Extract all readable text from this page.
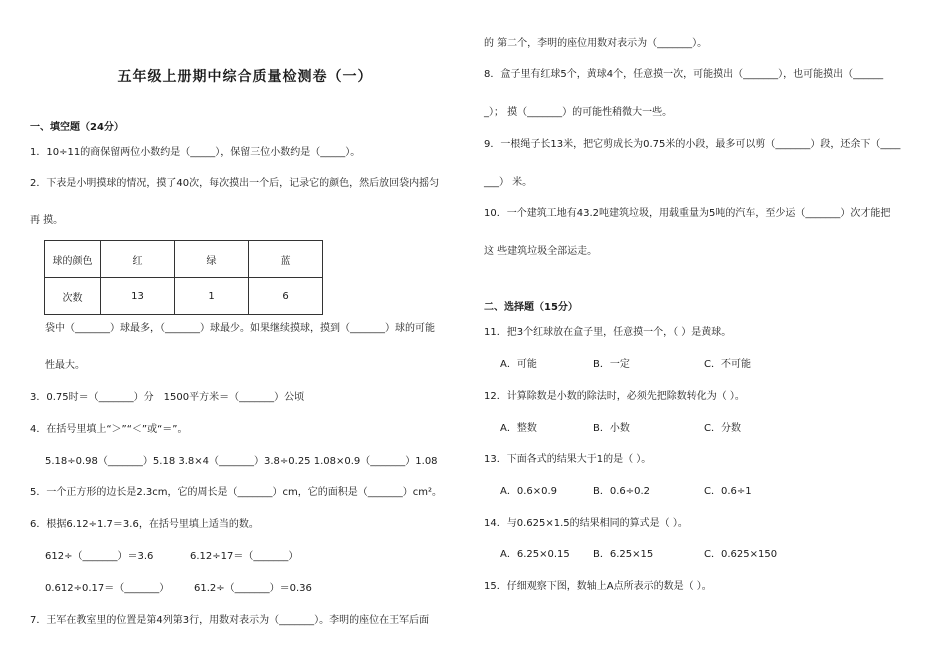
五年级上册期中综合质量检测卷（一）
一、填空题（24分）
1．10÷11的商保留两位小数约是（_____），保留三位小数约是（_____）。
2．下表是小明摸球的情况，摸了40次，每次摸出一个后，记录它的颜色，然后放回袋内摇匀
再 摸。
球的颜色	红	绿	蓝
次数	13	1	6
袋中（_______）球最多，（_______）球最少。如果继续摸球，摸到（_______）球的可能
性最大。
3．0.75时＝（_______）分　1500平方米＝（_______）公顷
4．在括号里填上“＞”“＜”或“＝”。
5.18÷0.98（_______）5.18 3.8×4（_______）3.8÷0.25 1.08×0.9（_______）1.08
5．一个正方形的边长是2.3cm，它的周长是（_______）cm，它的面积是（_______）cm²。
6．根据6.12÷1.7＝3.6，在括号里填上适当的数。
612÷（_______）＝3.6	6.12÷17＝（_______）
0.612÷0.17＝（_______） 61.2÷（_______）＝0.36
7．王军在教室里的位置是第4列第3行，用数对表示为（_______）。李明的座位在王军后面
的 第二个，李明的座位用数对表示为（_______）。
8．盒子里有红球5个，黄球4个，任意摸一次，可能摸出（_______），也可能摸出（______
_）； 摸（_______）的可能性稍微大一些。
9．一根绳子长13米，把它剪成长为0.75米的小段，最多可以剪（_______）段，还余下（____
___） 米。
10．一个建筑工地有43.2吨建筑垃圾，用载重量为5吨的汽车，至少运（_______）次才能把
这 些建筑垃圾全部运走。
二、选择题（15分）
11．把3个红球放在盒子里，任意摸一个，（ ）是黄球。
A．可能	B．一定	C．不可能
12．计算除数是小数的除法时，必须先把除数转化为（ ）。
A．整数	B．小数	C．分数
13．下面各式的结果大于1的是（ ）。
A．0.6×0.9	B．0.6÷0.2	C．0.6÷1
14．与0.625×1.5的结果相同的算式是（ ）。
A．6.25×0.15 B．6.25×15	C．0.625×150
15．仔细观察下图，数轴上A点所表示的数是（ ）。
